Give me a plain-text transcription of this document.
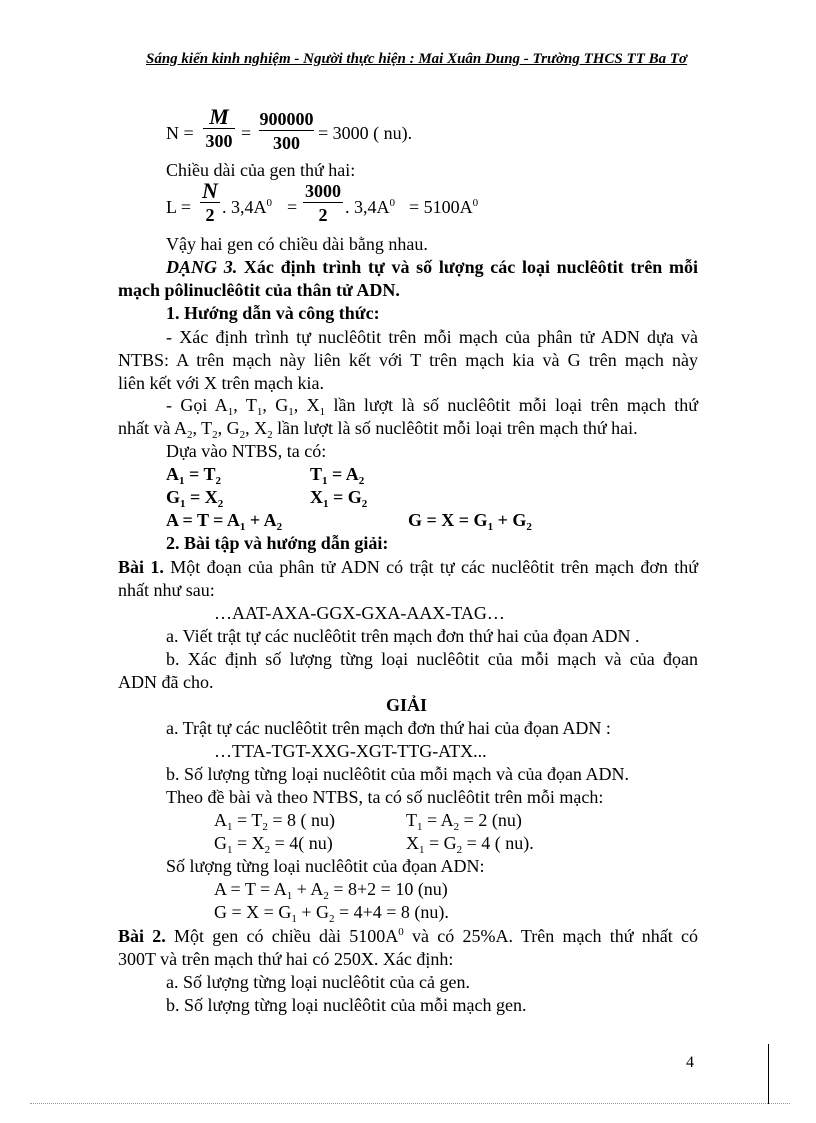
Sáng kiến kinh nghiệm - Người thực hiện : Mai Xuân Dung - Trường THCS TT Ba Tơ
N =
M
300 =
900000
300	= 3000 ( nu).
Chiều dài của gen thứ hai:
L =
N
2 . $3,4A^0$ =
3000
2 . $3,4A^0 = 5100A^0$
Vậy hai gen có chiều dài bằng nhau.
DẠNG 3. Xác định trình tự và số lượng các loại nuclêôtit trên mỗi
mạch pôlinuclêôtit của thân tử ADN.
1. Hướng dẫn và công thức:
- Xác định trình tự nuclêôtit trên mỗi mạch của phân tử ADN dựa và
NTBS: A trên mạch này liên kết với T trên mạch kia và G trên mạch này
liên kết với X trên mạch kia.
- Gọi $A_1$, $T_1$, $G_1$, $X_1$ lần lượt là số nuclêôtit mỗi loại trên mạch thứ
nhất và $A_2$, $T_2$, $G_2$, $X_2$ lần lượt là số nuclêôtit mỗi loại trên mạch thứ hai.
Dựa vào NTBS, ta có:
$A_1 = T_2$	$T_1 = A_2$
$G_1 = X_2$	$X_1 = G_2$
$A = T = A_1 + A_2$	$G = X = G_1 + G_2$
2. Bài tập và hướng dẫn giải:
Bài 1. Một đoạn của phân tử ADN có trật tự các nuclêôtit trên mạch đơn thứ
nhất như sau:
…AAT-AXA-GGX-GXA-AAX-TAG…
a. Viết trật tự các nuclêôtit trên mạch đơn thứ hai của đọan ADN .
b. Xác định số lượng từng loại nuclêôtit của mỗi mạch và của đọan
ADN đã cho.
GIẢI
a. Trật tự các nuclêôtit trên mạch đơn thứ hai của đọan ADN :
…TTA-TGT-XXG-XGT-TTG-ATX...
b. Số lượng từng loại nuclêôtit của mỗi mạch và của đọan ADN.
Theo đề bài và theo NTBS, ta có số nuclêôtit trên mỗi mạch:
$A_1 = T_2 = 8$ ( nu)	$T_1 = A_2 = 2$ (nu)
$G_1 = X_2 = 4$( nu)	$X_1 = G_2 = 4$ ( nu).
Số lượng từng loại nuclêôtit của đọan ADN:
$A = T = A_1 + A_2 = 8+2 = 10$ (nu)
$G = X = G_1 + G_2 = 4+4 = 8$ (nu).
Bài 2. Một gen có chiều dài $5100A^0$ và có 25%A. Trên mạch thứ nhất có
300T và trên mạch thứ hai có 250X. Xác định:
a. Số lượng từng loại nuclêôtit của cả gen.
b. Số lượng từng loại nuclêôtit của mỗi mạch gen.
4
